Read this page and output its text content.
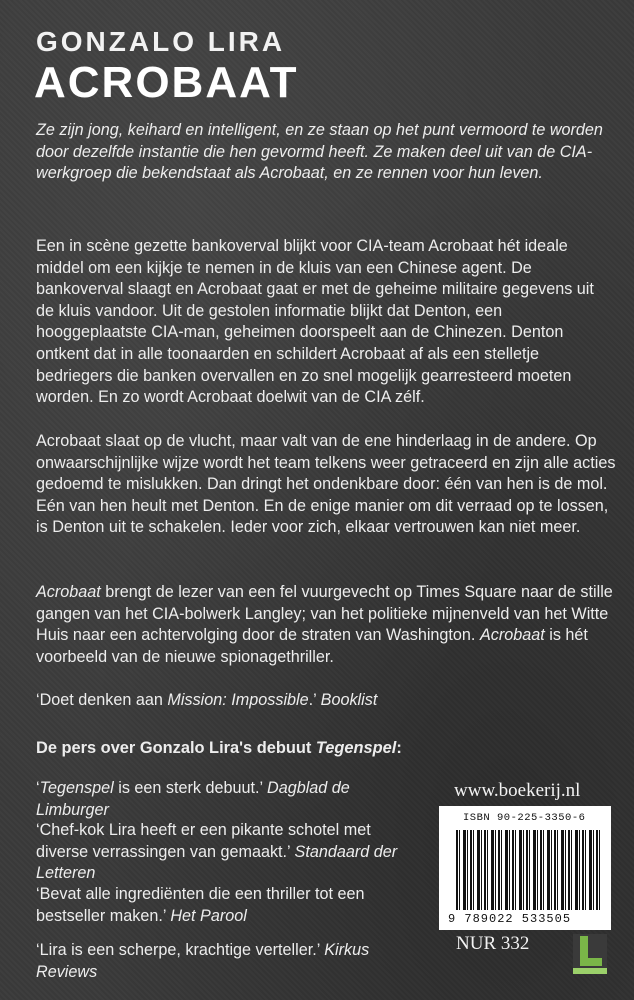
GONZALO LIRA
ACROBAAT

Ze zijn jong, keihard en intelligent, en ze staan op het punt vermoord te worden door dezelfde instantie die hen gevormd heeft. Ze maken deel uit van de CIA-werkgroep die bekendstaat als Acrobaat, en ze rennen voor hun leven.

Een in scène gezette bankoverval blijkt voor CIA-team Acrobaat hét ideale middel om een kijkje te nemen in de kluis van een Chinese agent. De bankoverval slaagt en Acrobaat gaat er met de geheime militaire gegevens uit de kluis vandoor. Uit de gestolen informatie blijkt dat Denton, een hooggeplaatste CIA-man, geheimen doorspeelt aan de Chinezen. Denton ontkent dat in alle toonaarden en schildert Acrobaat af als een stelletje bedriegers die banken overvallen en zo snel mogelijk gearresteerd moeten worden. En zo wordt Acrobaat doelwit van de CIA zélf.

Acrobaat slaat op de vlucht, maar valt van de ene hinderlaag in de andere. Op onwaarschijnlijke wijze wordt het team telkens weer getraceerd en zijn alle acties gedoemd te mislukken. Dan dringt het ondenkbare door: één van hen is de mol. Eén van hen heult met Denton. En de enige manier om dit verraad op te lossen, is Denton uit te schakelen. Ieder voor zich, elkaar vertrouwen kan niet meer.

Acrobaat brengt de lezer van een fel vuurgevecht op Times Square naar de stille gangen van het CIA-bolwerk Langley; van het politieke mijnenveld van het Witte Huis naar een achtervolging door de straten van Washington. Acrobaat is hét voorbeeld van de nieuwe spionagethriller.

‘Doet denken aan Mission: Impossible.’ Booklist

De pers over Gonzalo Lira's debuut Tegenspel:

‘Tegenspel is een sterk debuut.’ Dagblad de Limburger

‘Chef-kok Lira heeft er een pikante schotel met diverse verrassingen van gemaakt.’ Standaard der Letteren

‘Bevat alle ingrediënten die een thriller tot een bestseller maken.’ Het Parool

‘Lira is een scherpe, krachtige verteller.’ Kirkus Reviews

www.boekerij.nl
ISBN 90-225-3350-6
9 789022 533505
NUR 332
